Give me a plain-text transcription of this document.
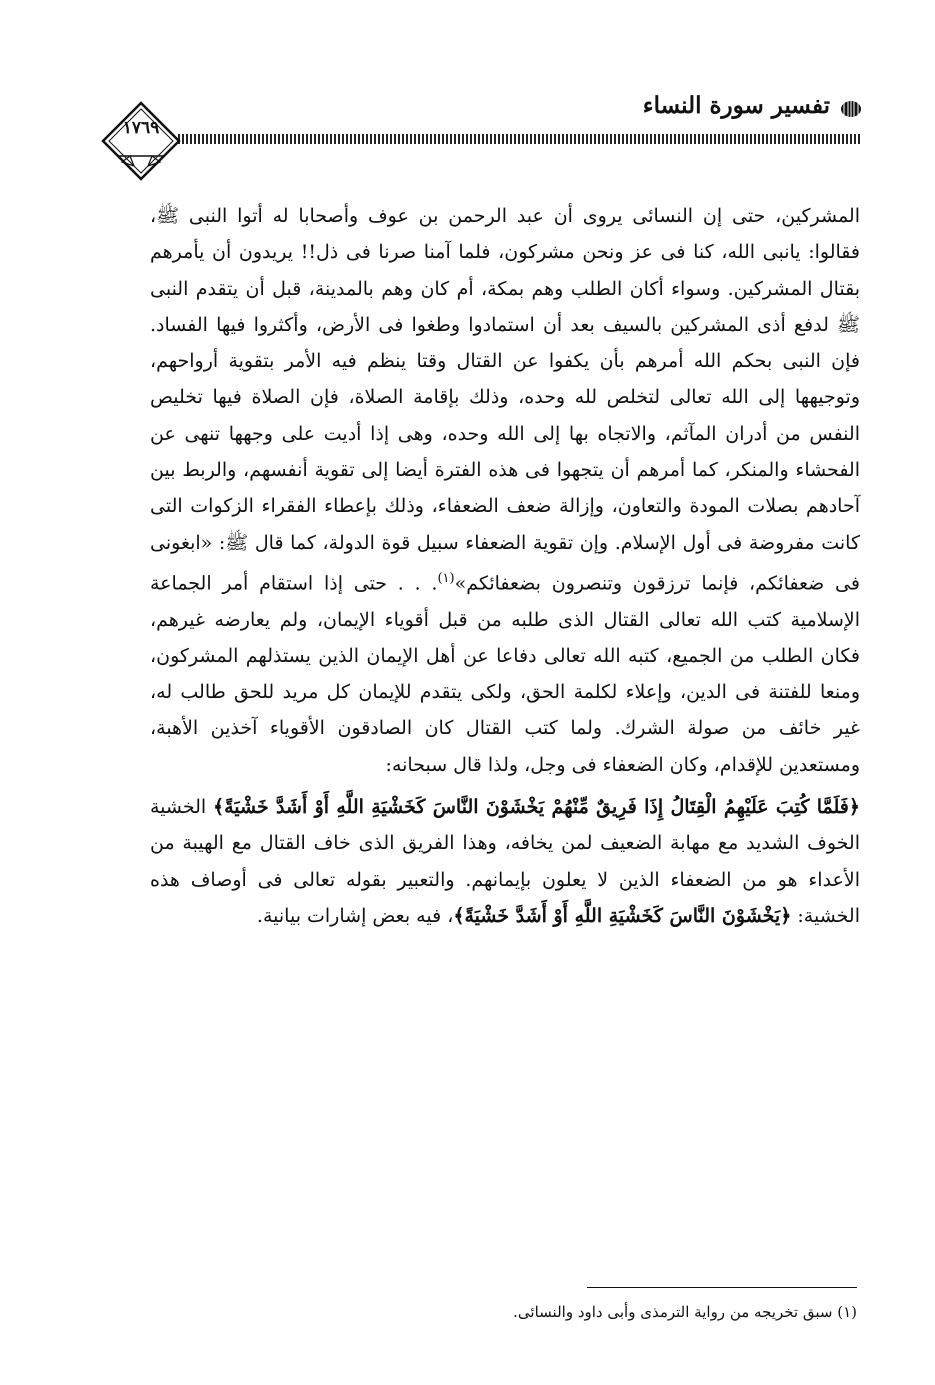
تفسير سورة النساء
١٧٦٩

المشركين، حتى إن النسائى يروى أن عبد الرحمن بن عوف وأصحابا له أتوا النبى ﷺ، فقالوا: يانبى الله، كنا فى عز ونحن مشركون، فلما آمنا صرنا فى ذل!! يريدون أن يأمرهم بقتال المشركين. وسواء أكان الطلب وهم بمكة، أم كان وهم بالمدينة، قبل أن يتقدم النبى ﷺ لدفع أذى المشركين بالسيف بعد أن استمادوا وطغوا فى الأرض، وأكثروا فيها الفساد. فإن النبى بحكم الله أمرهم بأن يكفوا عن القتال وقتا ينظم فيه الأمر بتقوية أرواحهم، وتوجيهها إلى الله تعالى لتخلص لله وحده، وذلك بإقامة الصلاة، فإن الصلاة فيها تخليص النفس من أدران المآثم، والاتجاه بها إلى الله وحده، وهى إذا أديت على وجهها تنهى عن الفحشاء والمنكر، كما أمرهم أن يتجهوا فى هذه الفترة أيضا إلى تقوية أنفسهم، والربط بين آحادهم بصلات المودة والتعاون، وإزالة ضعف الضعفاء، وذلك بإعطاء الفقراء الزكوات التى كانت مفروضة فى أول الإسلام. وإن تقوية الضعفاء سبيل قوة الدولة، كما قال ﷺ: «ابغونى فى ضعفائكم، فإنما ترزقون وتنصرون بضعفائكم»$^{(١)}$. . . حتى إذا استقام أمر الجماعة الإسلامية كتب الله تعالى القتال الذى طلبه من قبل أقوياء الإيمان، ولم يعارضه غيرهم، فكان الطلب من الجميع، كتبه الله تعالى دفاعا عن أهل الإيمان الذين يستذلهم المشركون، ومنعا للفتنة فى الدين، وإعلاء لكلمة الحق، ولكى يتقدم للإيمان كل مريد للحق طالب له، غير خائف من صولة الشرك. ولما كتب القتال كان الصادقون الأقوياء آخذين الأهبة، ومستعدين للإقدام، وكان الضعفاء فى وجل، ولذا قال سبحانه:

﴿فَلَمَّا كُتِبَ عَلَيْهِمُ الْقِتَالُ إِذَا فَرِيقٌ مِّنْهُمْ يَخْشَوْنَ النَّاسَ كَخَشْيَةِ اللَّهِ أَوْ أَشَدَّ خَشْيَةً﴾ الخشية الخوف الشديد مع مهابة الضعيف لمن يخافه، وهذا الفريق الذى خاف القتال مع الهيبة من الأعداء هو من الضعفاء الذين لا يعلون بإيمانهم. والتعبير بقوله تعالى فى أوصاف هذه الخشية: ﴿يَخْشَوْنَ النَّاسَ كَخَشْيَةِ اللَّهِ أَوْ أَشَدَّ خَشْيَةً﴾، فيه بعض إشارات بيانية.

(١) سبق تخريجه من رواية الترمذى وأبى داود والنسائى.
